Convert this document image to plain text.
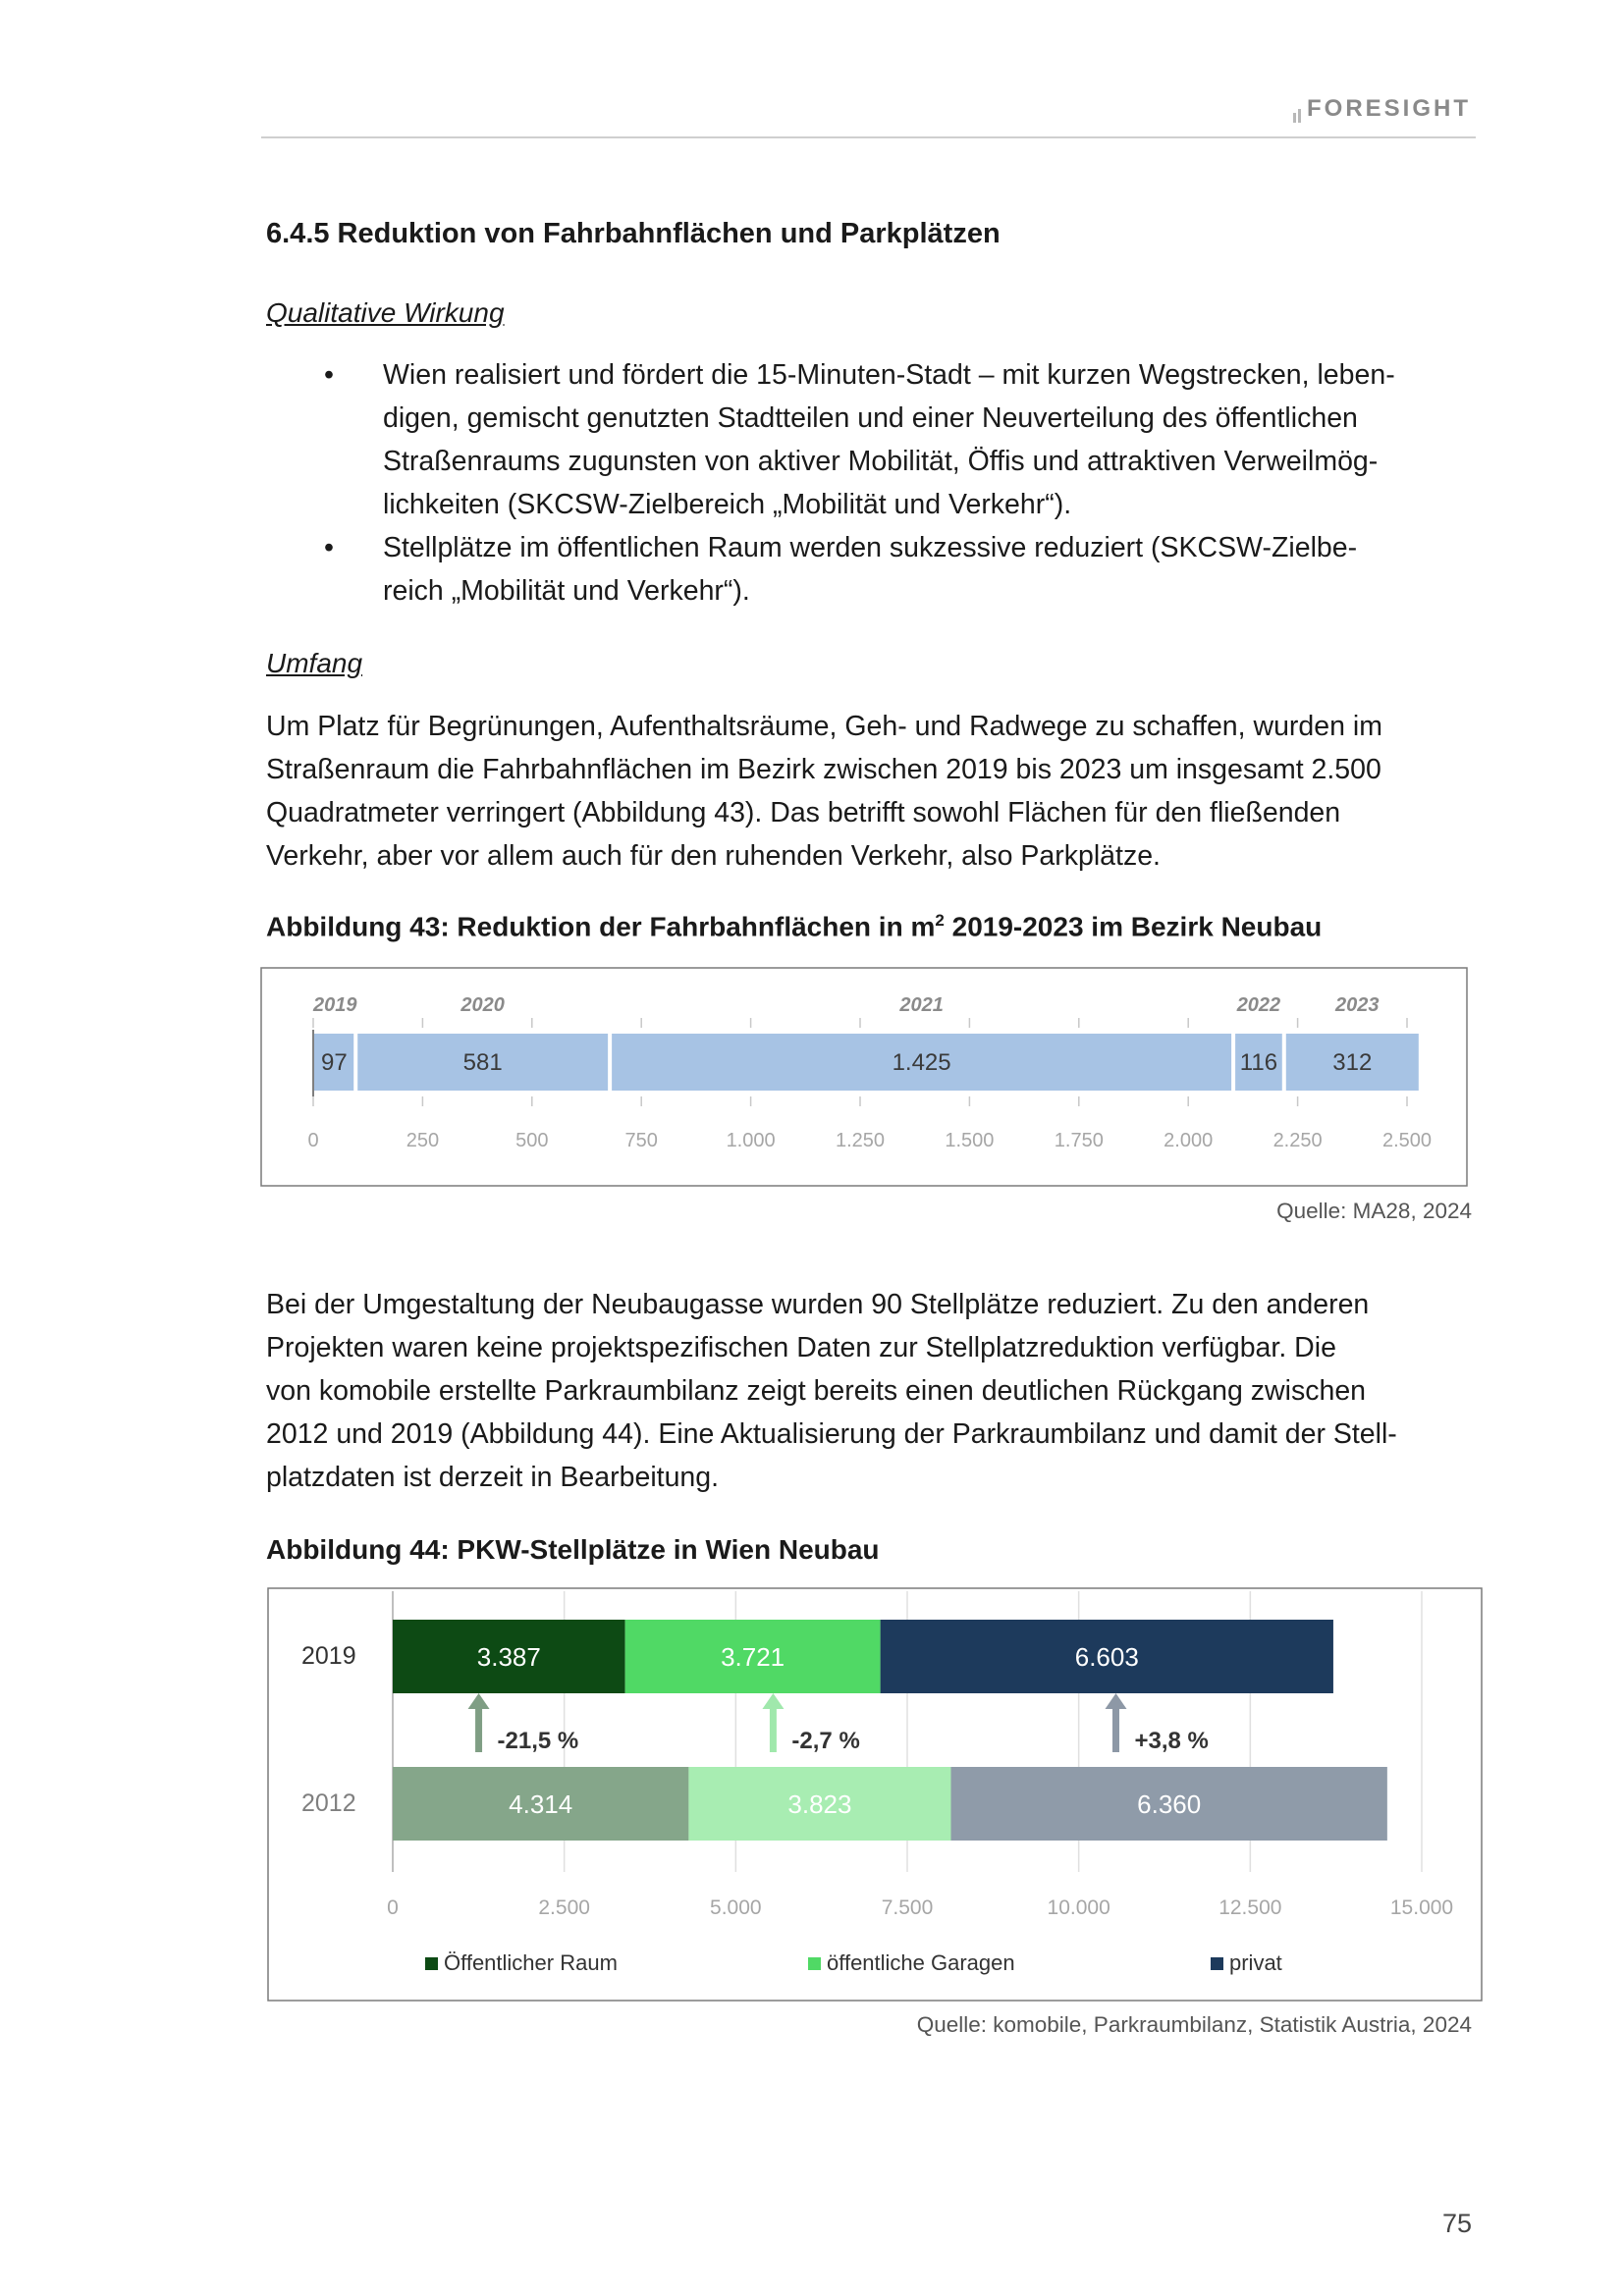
FORESIGHT
6.4.5 Reduktion von Fahrbahnflächen und Parkplätzen
Qualitative Wirkung
• Wien realisiert und fördert die 15-Minuten-Stadt – mit kurzen Wegstrecken, leben-
digen, gemischt genutzten Stadtteilen und einer Neuverteilung des öffentlichen
Straßenraums zugunsten von aktiver Mobilität, Öffis und attraktiven Verweilmög-
lichkeiten (SKCSW-Zielbereich „Mobilität und Verkehr“).
• Stellplätze im öffentlichen Raum werden sukzessive reduziert (SKCSW-Zielbe-
reich „Mobilität und Verkehr“).
Umfang
Um Platz für Begrünungen, Aufenthaltsräume, Geh- und Radwege zu schaffen, wurden im
Straßenraum die Fahrbahnflächen im Bezirk zwischen 2019 bis 2023 um insgesamt 2.500
Quadratmeter verringert (Abbildung 43). Das betrifft sowohl Flächen für den fließenden
Verkehr, aber vor allem auch für den ruhenden Verkehr, also Parkplätze.
Abbildung 43: Reduktion der Fahrbahnflächen in $m^2$ 2019-2023 im Bezirk Neubau
0	250	500	750	1.000	1.250	1.500	1.750	2.000	2.250	2.500
97
2019
581
2020
1.425
2021
116
2022
312
2023
Quelle: MA28, 2024
Bei der Umgestaltung der Neubaugasse wurden 90 Stellplätze reduziert. Zu den anderen
Projekten waren keine projektspezifischen Daten zur Stellplatzreduktion verfügbar. Die
von komobile erstellte Parkraumbilanz zeigt bereits einen deutlichen Rückgang zwischen
2012 und 2019 (Abbildung 44). Eine Aktualisierung der Parkraumbilanz und damit der Stell-
platzdaten ist derzeit in Bearbeitung.
Abbildung 44: PKW-Stellplätze in Wien Neubau
3.387	3.721	6.603
4.314	3.823	6.360
-21,5 %	-2,7 %	+3,8 %
0	2.500	5.000	7.500	10.000	12.500	15.000
2019
2012
Öffentlicher Raum	öffentliche Garagen	privat
Quelle: komobile, Parkraumbilanz, Statistik Austria, 2024
75
